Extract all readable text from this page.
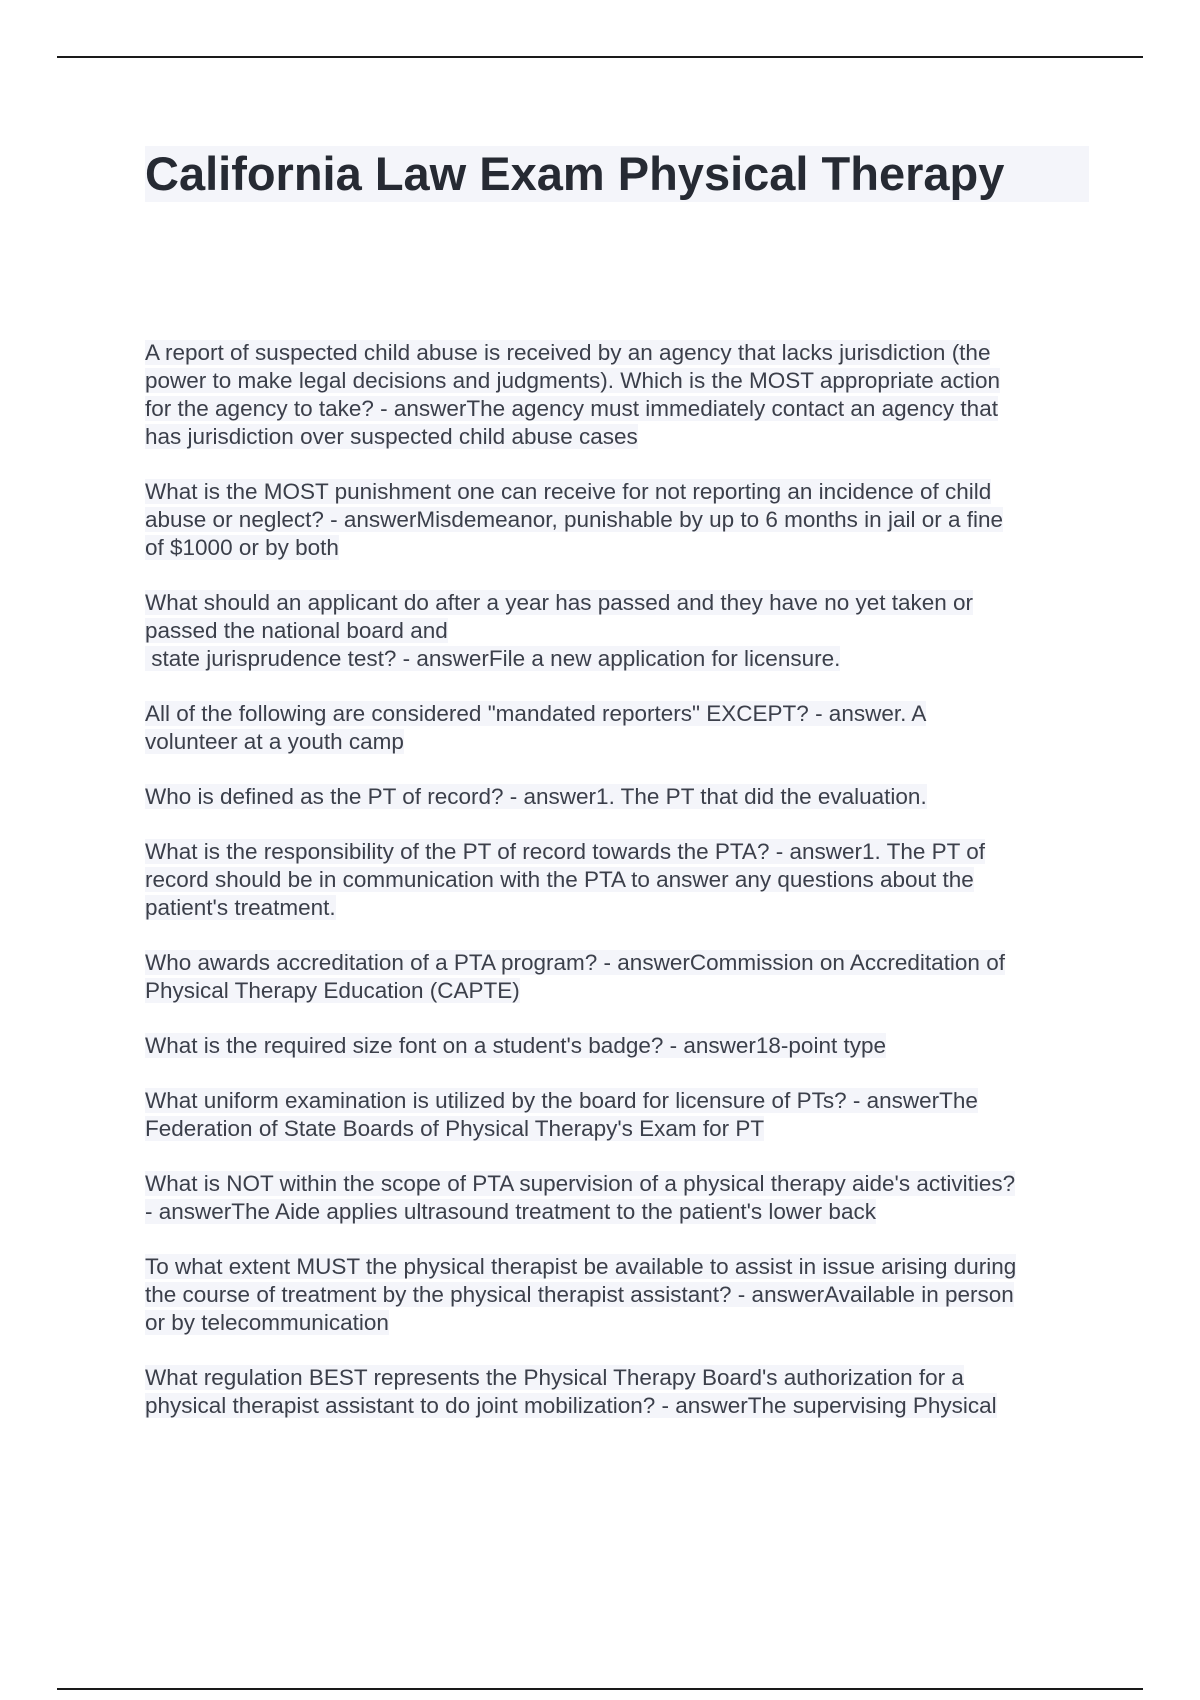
California Law Exam Physical Therapy
A report of suspected child abuse is received by an agency that lacks jurisdiction (the
power to make legal decisions and judgments). Which is the MOST appropriate action
for the agency to take? - answerThe agency must immediately contact an agency that
has jurisdiction over suspected child abuse cases
What is the MOST punishment one can receive for not reporting an incidence of child
abuse or neglect? - answerMisdemeanor, punishable by up to 6 months in jail or a fine
of $1000 or by both
What should an applicant do after a year has passed and they have no yet taken or
passed the national board and
state jurisprudence test? - answerFile a new application for licensure.
All of the following are considered "mandated reporters" EXCEPT? - answer. A
volunteer at a youth camp
Who is defined as the PT of record? - answer1. The PT that did the evaluation.
What is the responsibility of the PT of record towards the PTA? - answer1. The PT of
record should be in communication with the PTA to answer any questions about the
patient's treatment.
Who awards accreditation of a PTA program? - answerCommission on Accreditation of
Physical Therapy Education (CAPTE)
What is the required size font on a student's badge? - answer18-point type
What uniform examination is utilized by the board for licensure of PTs? - answerThe
Federation of State Boards of Physical Therapy's Exam for PT
What is NOT within the scope of PTA supervision of a physical therapy aide's activities?
- answerThe Aide applies ultrasound treatment to the patient's lower back
To what extent MUST the physical therapist be available to assist in issue arising during
the course of treatment by the physical therapist assistant? - answerAvailable in person
or by telecommunication
What regulation BEST represents the Physical Therapy Board's authorization for a
physical therapist assistant to do joint mobilization? - answerThe supervising Physical
